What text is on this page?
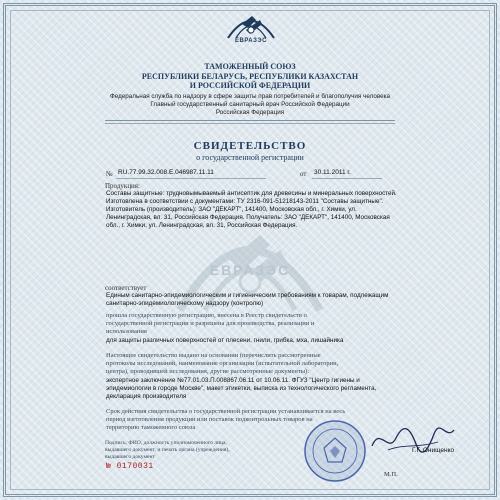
ЕВРАЗЭС
ТАМОЖЕННЫЙ СОЮЗ
РЕСПУБЛИКИ БЕЛАРУСЬ, РЕСПУБЛИКИ КАЗАХСТАН
И РОССИЙСКОЙ ФЕДЕРАЦИИ
Федеральная служба по надзору в сфере защиты прав потребителей и благополучия человека
Главный государственный санитарный врач Российской Федерации
Российская Федерация
СВИДЕТЕЛЬСТВО
о государственной регистрации
№ RU.77.99.32.008.Е.046987.11.11	от 30.11.2011 г.
ЕВРАЗЭС
Продукция:
Составы защитные: трудновымываемый антисептик для древесины и минеральных поверхностей.
Изготовлена в соответствии с документами: ТУ 2316-091-51218143-2011 "Составы защитные".
Изготовитель (производитель): ЗАО "ДЕКАРТ", 141400, Московская обл., г. Химки, ул.
Ленинградская, вл. 31, Российская Федерация. Получатель: ЗАО "ДЕКАРТ", 141400, Московская
обл., г. Химки, ул. Ленинградская, вл. 31, Российская Федерация.
соответствует
Единым санитарно-эпидемиологическим и гигиеническим требованиям к товарам, подлежащим
санитарно-эпидемиологическому надзору (контролю)
прошла государственную регистрацию, внесена в Реестр свидетельств о
государственной регистрации и разрешена для производства, реализации и
использования
для защиты различных поверхностей от плесени, гнили, грибка, мха, лишайника
Настоящее свидетельство выдано на основании (перечислить рассмотренные
протоколы исследований, наименование организации (испытательной лаборатории,
центра), проводившей исследования, другие рассмотренные документы):
экспертное заключение №77.01.03.П.008867.06.11 от 10.06.11. ФГУЗ "Центр гигиены и
эпидемиологии в городе Москве", макет этикетки, выписка из технологического регламента,
декларация производителя
Срок действия свидетельства о государственной регистрации устанавливается на весь
период изготовления продукции или поставок подконтрольных товаров на
территорию таможенного союза
Подпись, ФИО, должность уполномоченного лица,
выдавшего документ, и печать органа (учреждения),
выдавшего документ
Г.Г. Онищенко
М.П.
№ 0170031
